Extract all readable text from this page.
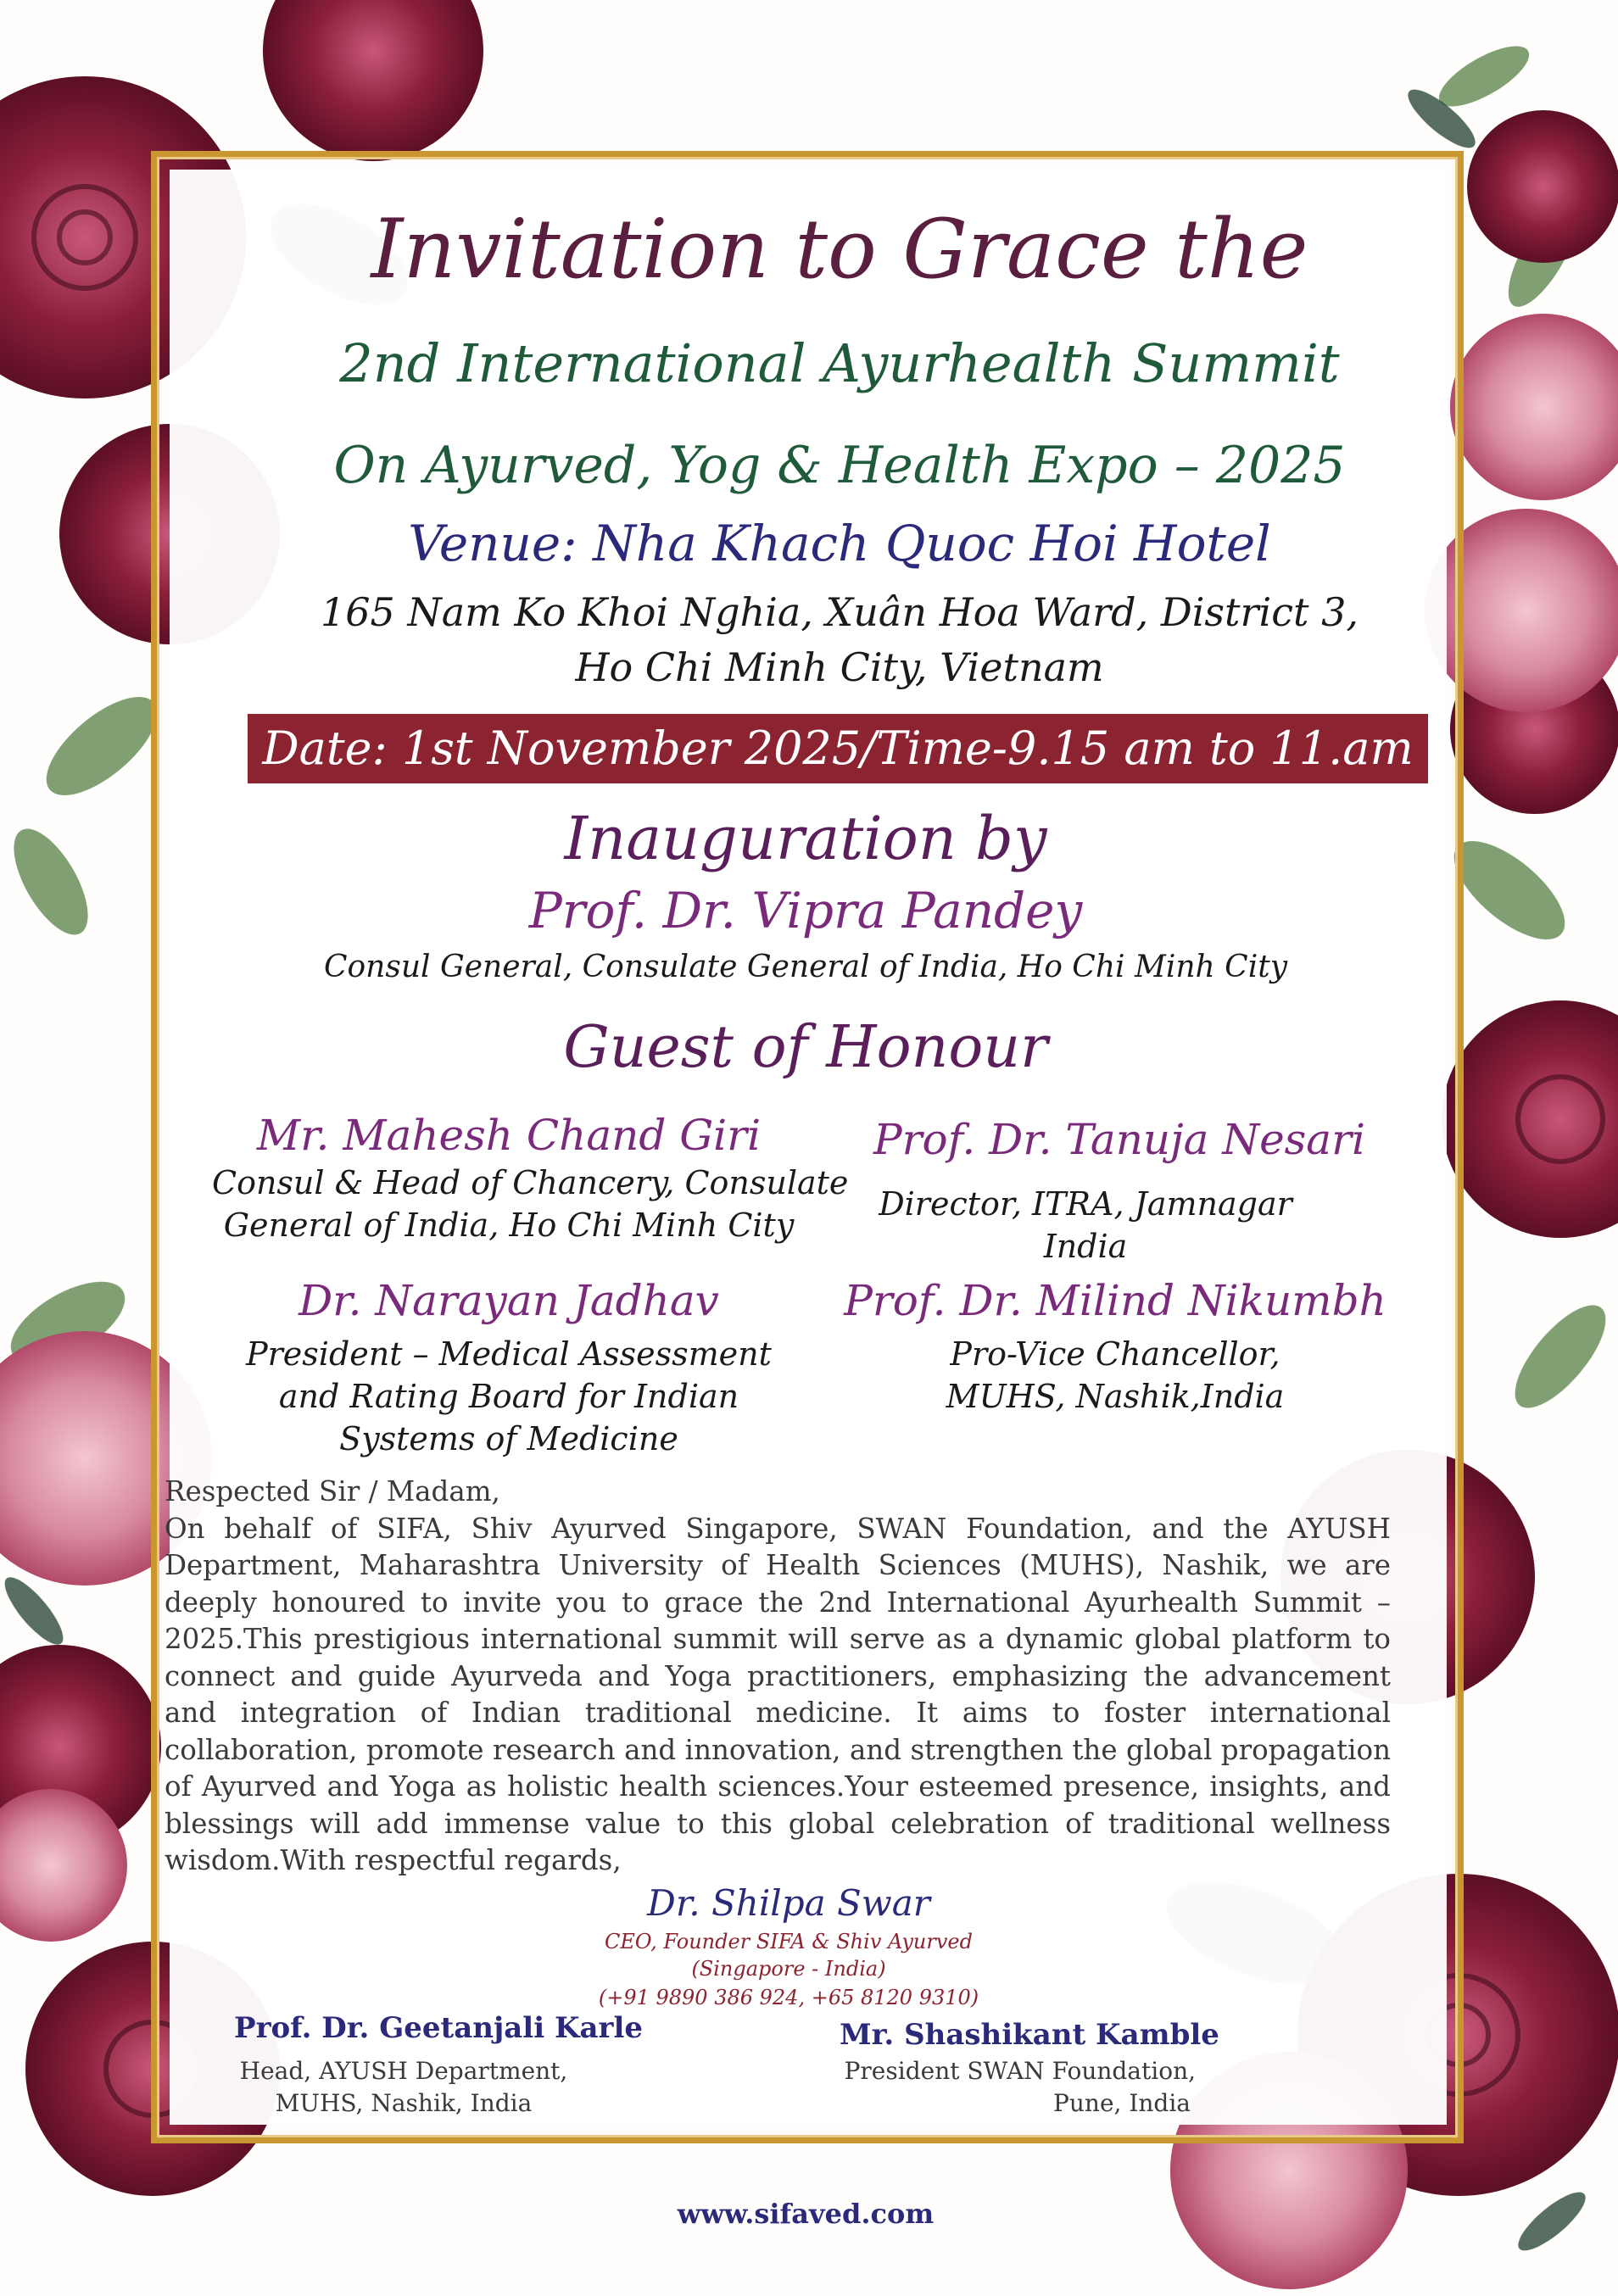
Invitation to Grace the

2nd International Ayurhealth Summit

On Ayurved, Yog & Health Expo – 2025

Venue: Nha Khach Quoc Hoi Hotel

165 Nam Ko Khoi Nghia, Xuân Hoa Ward, District 3,

Ho Chi Minh City, Vietnam

Date: 1st November 2025/Time-9.15 am to 11.am

Inauguration by

Prof. Dr. Vipra Pandey

Consul General, Consulate General of India, Ho Chi Minh City

Guest of Honour

Mr. Mahesh Chand Giri

Consul & Head of Chancery, Consulate

General of India, Ho Chi Minh City

Prof. Dr. Tanuja Nesari

Director, ITRA, Jamnagar

India

Dr. Narayan Jadhav

President – Medical Assessment

and Rating Board for Indian

Systems of Medicine

Prof. Dr. Milind Nikumbh

Pro-Vice Chancellor,

MUHS, Nashik,India

Respected Sir / Madam,

On behalf of SIFA, Shiv Ayurved Singapore, SWAN Foundation, and the AYUSH Department, Maharashtra University of Health Sciences (MUHS), Nashik, we are deeply honoured to invite you to grace the 2nd International Ayurhealth Summit – 2025.This prestigious international summit will serve as a dynamic global platform to connect and guide Ayurveda and Yoga practitioners, emphasizing the advancement and integration of Indian traditional medicine. It aims to foster international collaboration, promote research and innovation, and strengthen the global propagation of Ayurved and Yoga as holistic health sciences.Your esteemed presence, insights, and blessings will add immense value to this global celebration of traditional wellness wisdom.With respectful regards,

Dr. Shilpa Swar

CEO, Founder SIFA & Shiv Ayurved

(Singapore - India)

(+91 9890 386 924, +65 8120 9310)

Prof. Dr. Geetanjali Karle

Head, AYUSH Department,

MUHS, Nashik, India

Mr. Shashikant Kamble

President SWAN Foundation,

Pune, India

www.sifaved.com
